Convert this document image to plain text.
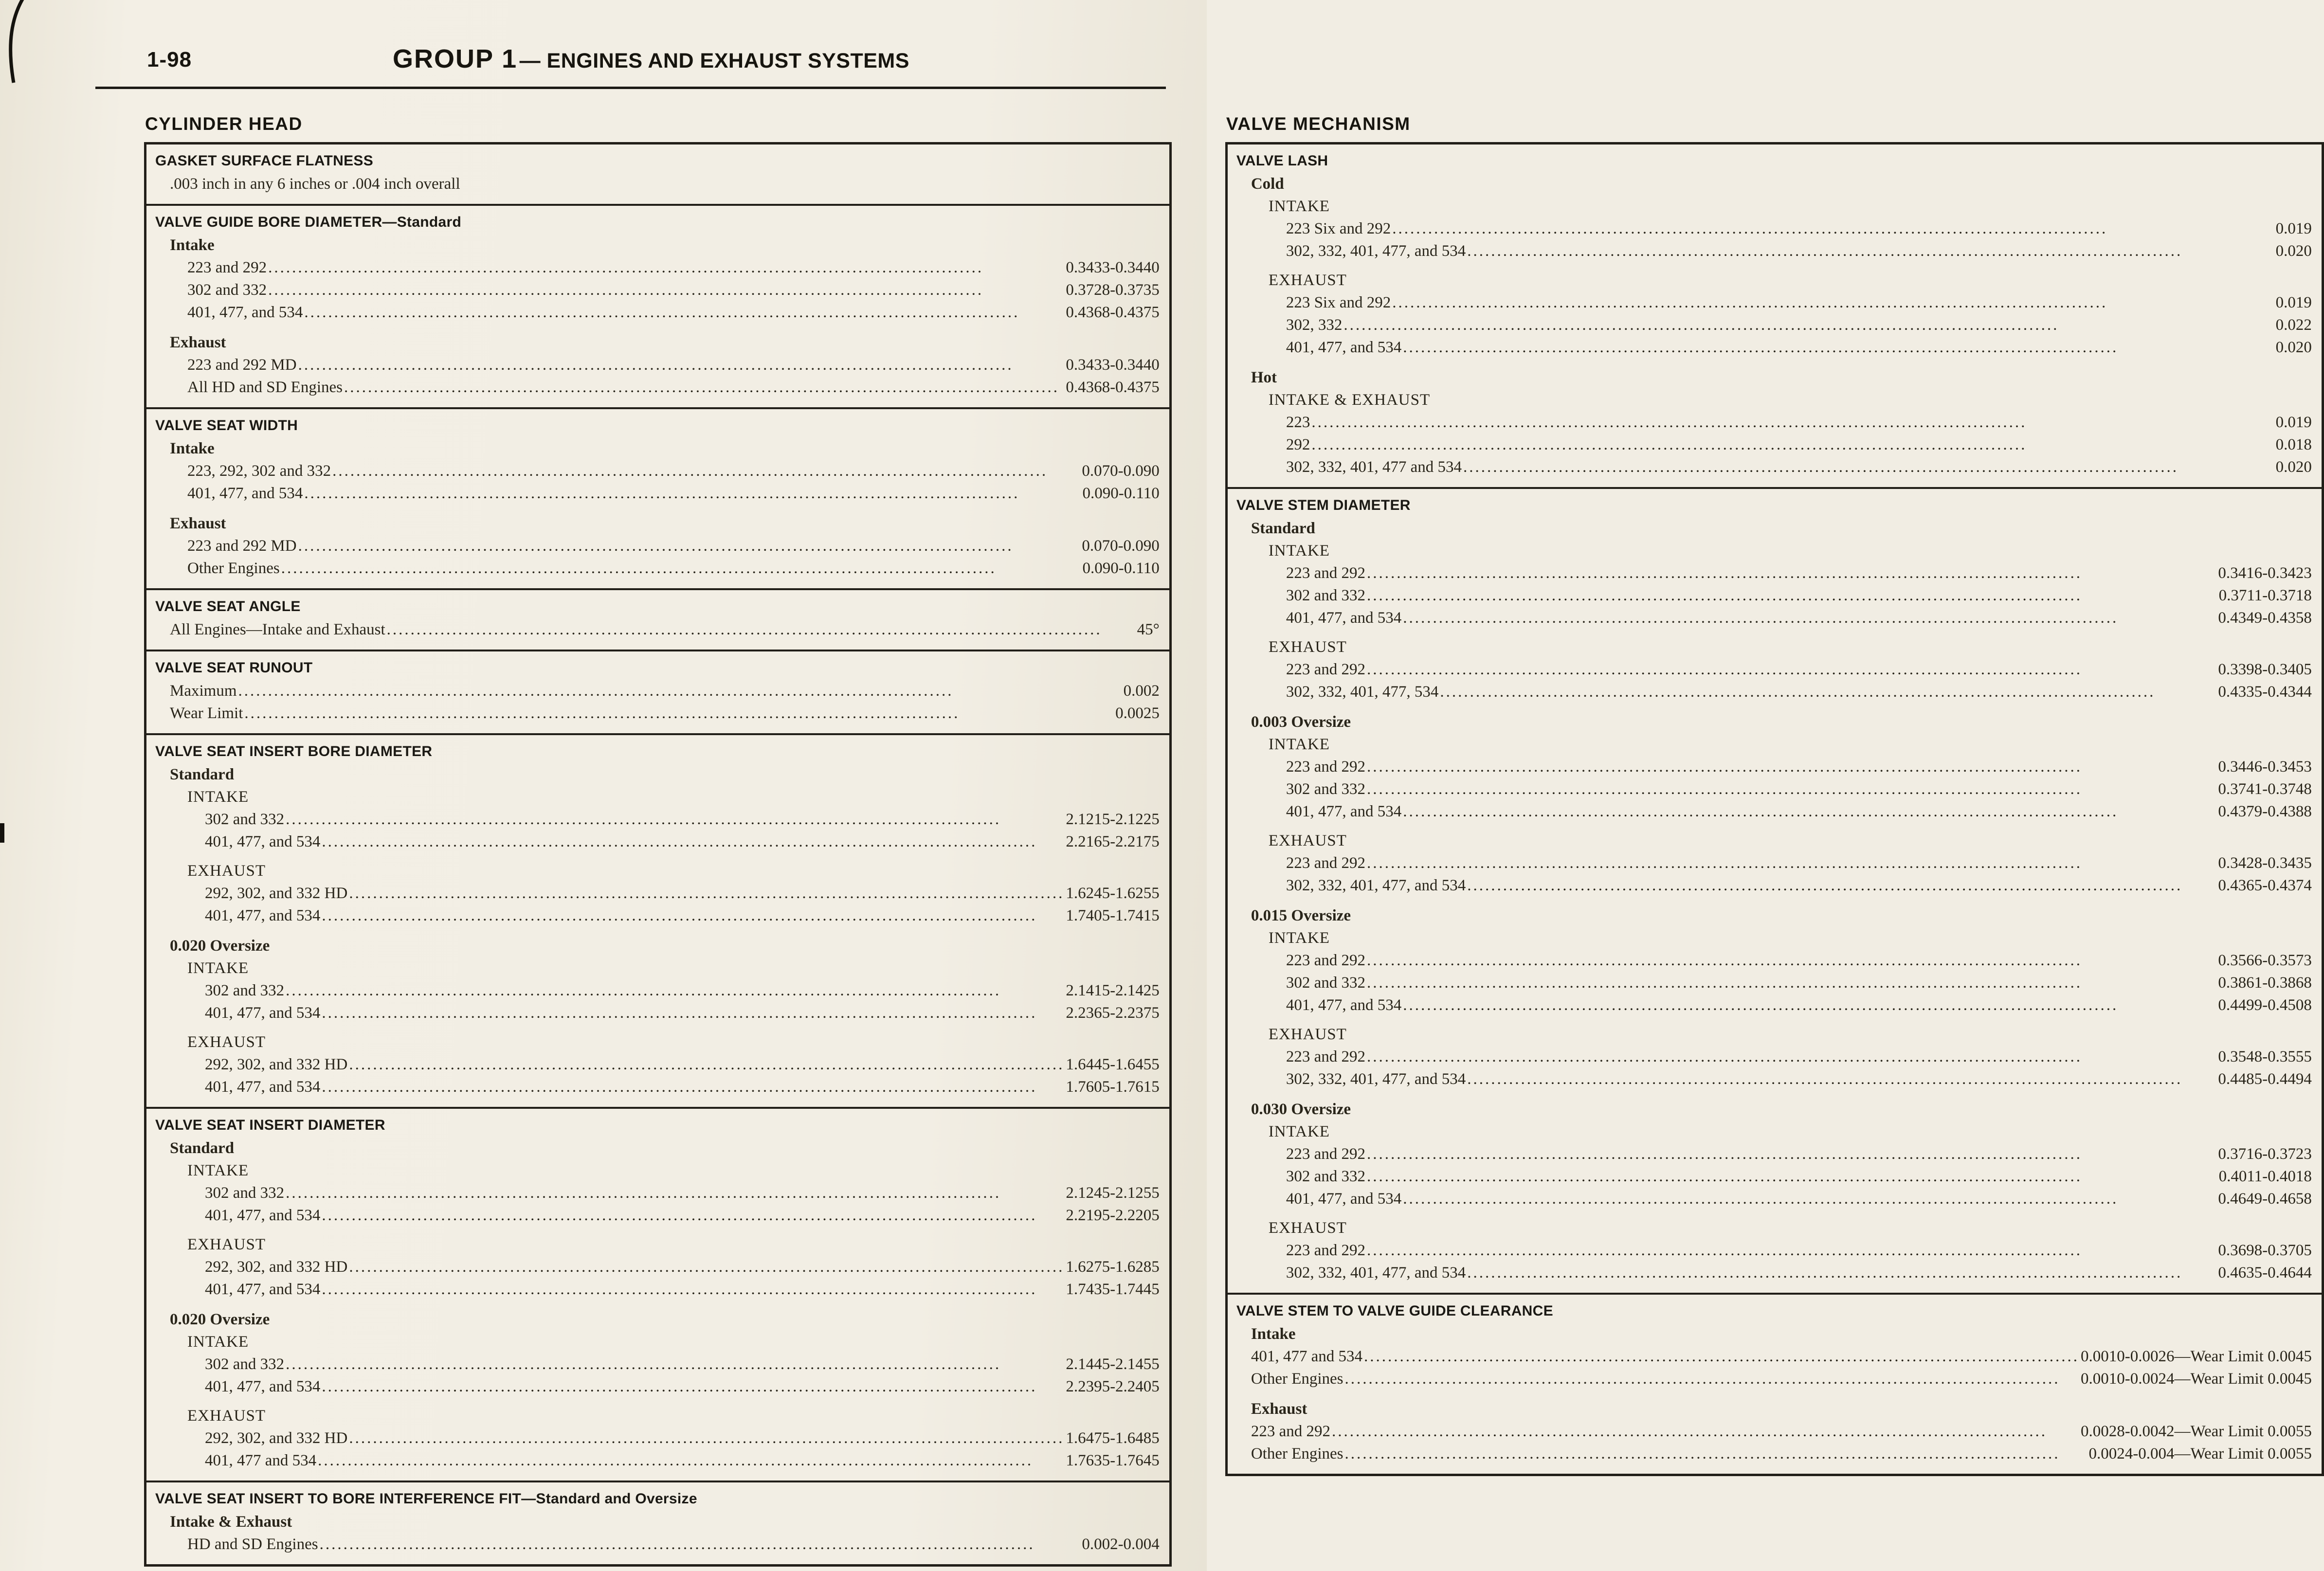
1-98	GROUP 1 — ENGINES AND EXHAUST SYSTEMS
CYLINDER HEAD
GASKET SURFACE FLATNESS
.003 inch in any 6 inches or .004 inch overall
VALVE GUIDE BORE DIAMETER—Standard
Intake
223 and 292 .....	0.3433-0.3440
302 and 332 .....	0.3728-0.3735
401, 477, and 534 .....	0.4368-0.4375
Exhaust
223 and 292 MD .....	0.3433-0.3440
All HD and SD Engines .....	0.4368-0.4375
VALVE SEAT WIDTH
Intake
223, 292, 302 and 332 .....	0.070-0.090
401, 477, and 534 .....	0.090-0.110
Exhaust
223 and 292 MD .....	0.070-0.090
Other Engines .....	0.090-0.110
VALVE SEAT ANGLE
All Engines—Intake and Exhaust .....	45°
VALVE SEAT RUNOUT
Maximum .....	0.002
Wear Limit .....	0.0025
VALVE SEAT INSERT BORE DIAMETER
Standard
INTAKE
302 and 332 .....	2.1215-2.1225
401, 477, and 534 .....	2.2165-2.2175
EXHAUST
292, 302, and 332 HD .....	1.6245-1.6255
401, 477, and 534 .....	1.7405-1.7415
0.020 Oversize
INTAKE
302 and 332 .....	2.1415-2.1425
401, 477, and 534 .....	2.2365-2.2375
EXHAUST
292, 302, and 332 HD .....	1.6445-1.6455
401, 477, and 534 .....	1.7605-1.7615
VALVE SEAT INSERT DIAMETER
Standard
INTAKE
302 and 332 .....	2.1245-2.1255
401, 477, and 534 .....	2.2195-2.2205
EXHAUST
292, 302, and 332 HD .....	1.6275-1.6285
401, 477, and 534 .....	1.7435-1.7445
0.020 Oversize
INTAKE
302 and 332 .....	2.1445-2.1455
401, 477, and 534 .....	2.2395-2.2405
EXHAUST
292, 302, and 332 HD .....	1.6475-1.6485
401, 477 and 534 .....	1.7635-1.7645
VALVE SEAT INSERT TO BORE INTERFERENCE FIT—Standard and Oversize
Intake & Exhaust
HD and SD Engines .....	0.002-0.004
VALVE MECHANISM
VALVE LASH
Cold
INTAKE
223 Six and 292 .....	0.019
302, 332, 401, 477, and 534 .....	0.020
EXHAUST
223 Six and 292 .....	0.019
302, 332 .....	0.022
401, 477, and 534 .....	0.020
Hot
INTAKE & EXHAUST
223 .....	0.019
292 .....	0.018
302, 332, 401, 477 and 534 .....	0.020
VALVE STEM DIAMETER
Standard
INTAKE
223 and 292 .....	0.3416-0.3423
302 and 332 .....	0.3711-0.3718
401, 477, and 534 .....	0.4349-0.4358
EXHAUST
223 and 292 .....	0.3398-0.3405
302, 332, 401, 477, 534 .....	0.4335-0.4344
0.003 Oversize
INTAKE
223 and 292 .....	0.3446-0.3453
302 and 332 .....	0.3741-0.3748
401, 477, and 534 .....	0.4379-0.4388
EXHAUST
223 and 292 .....	0.3428-0.3435
302, 332, 401, 477, and 534 .....	0.4365-0.4374
0.015 Oversize
INTAKE
223 and 292 .....	0.3566-0.3573
302 and 332 .....	0.3861-0.3868
401, 477, and 534 .....	0.4499-0.4508
EXHAUST
223 and 292 .....	0.3548-0.3555
302, 332, 401, 477, and 534 .....	0.4485-0.4494
0.030 Oversize
INTAKE
223 and 292 .....	0.3716-0.3723
302 and 332 .....	0.4011-0.4018
401, 477, and 534 .....	0.4649-0.4658
EXHAUST
223 and 292 .....	0.3698-0.3705
302, 332, 401, 477, and 534 .....	0.4635-0.4644
VALVE STEM TO VALVE GUIDE CLEARANCE
Intake
401, 477 and 534 .....	0.0010-0.0026—Wear Limit 0.0045
Other Engines .....	0.0010-0.0024—Wear Limit 0.0045
Exhaust
223 and 292 .....	0.0028-0.0042—Wear Limit 0.0055
Other Engines .....	0.0024-0.004—Wear Limit 0.0055
